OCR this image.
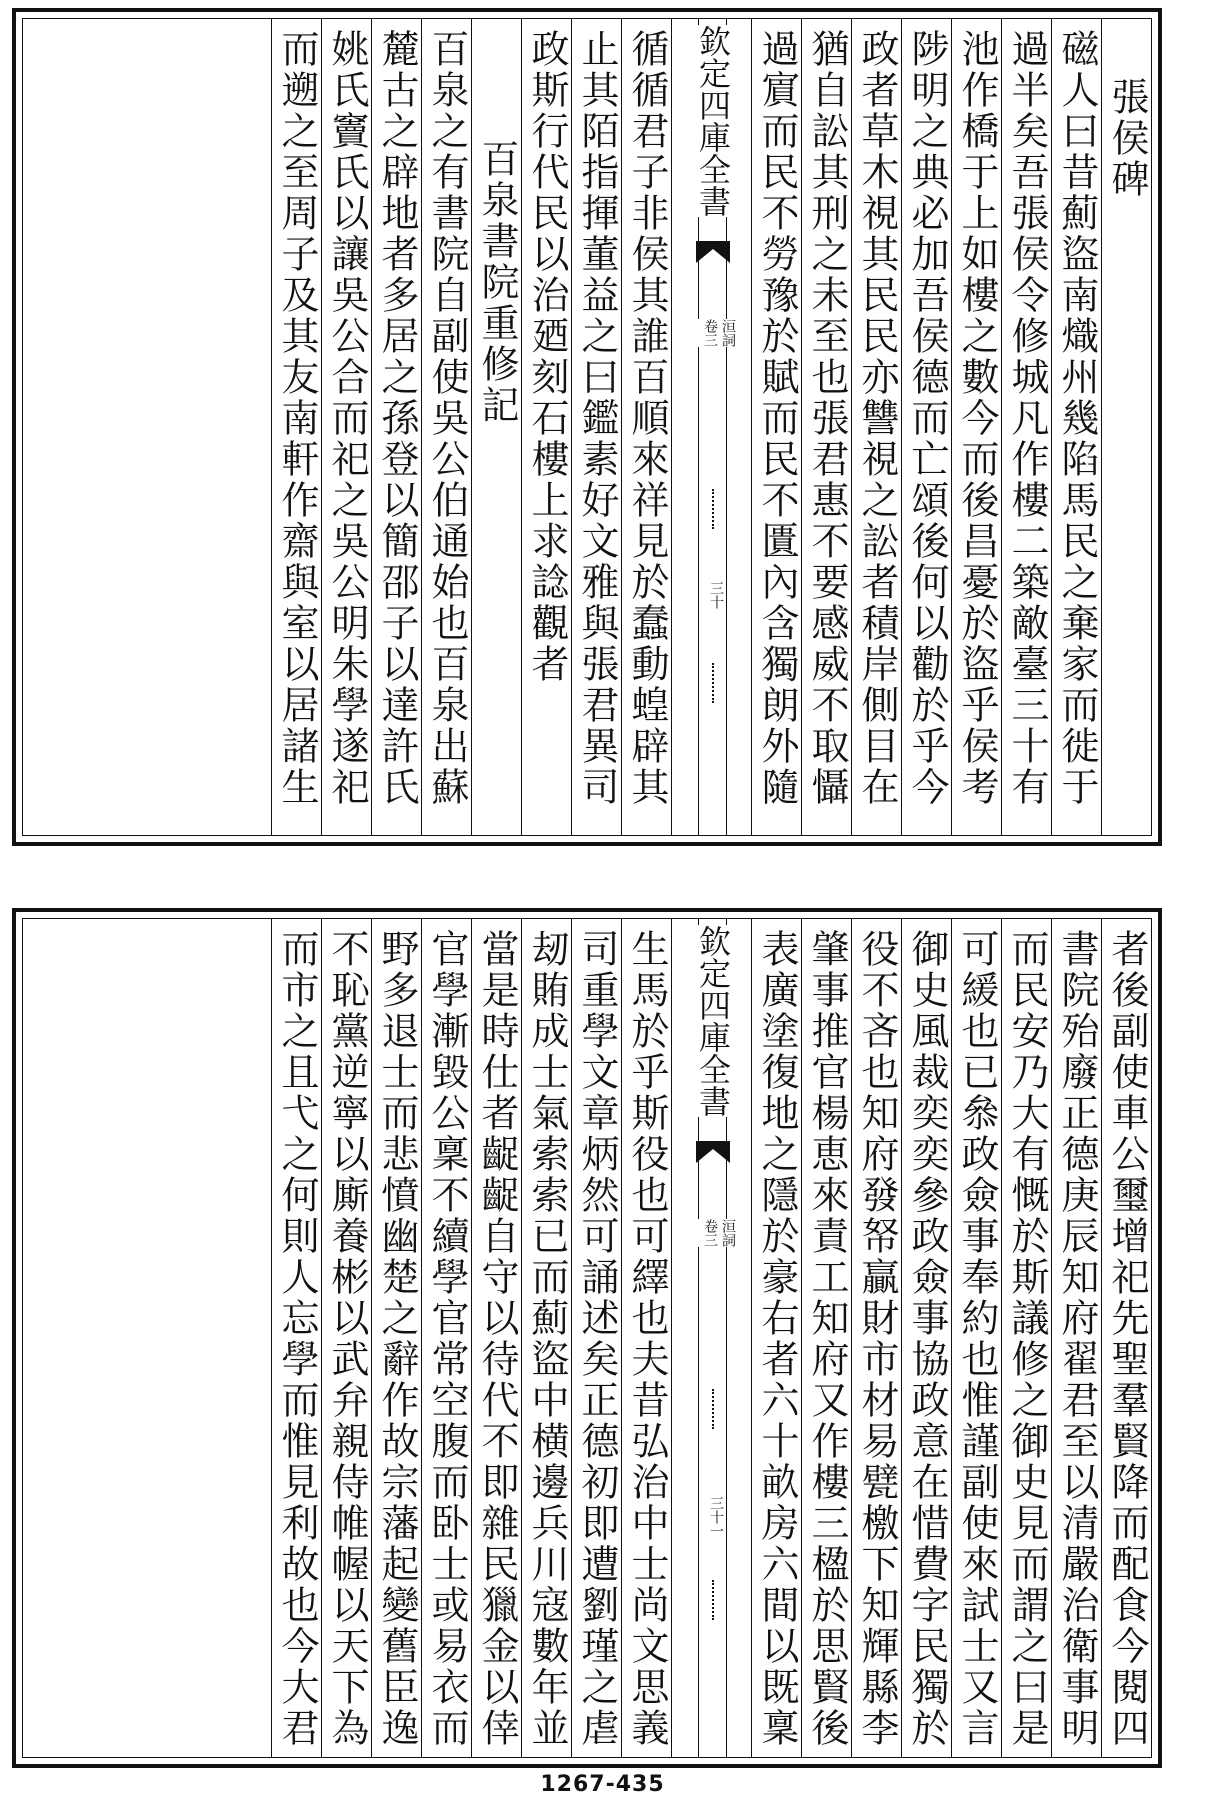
張侯碑
磁人曰昔薊盜南熾州幾陷馬民之棄家而徙于
過半矣吾張侯令修城凡作樓二築敵臺三十有
池作橋于上如樓之數今而後昌憂於盜乎侯考
陟明之典必加吾侯德而亡頌後何以勸於乎今
政者草木視其民民亦讐視之訟者積岸側目在
猶自訟其刑之未至也張君惠不要感威不取懾
過賔而民不勞豫於賦而民不匱內含獨朗外隨
欽定四庫全書
洹詞
卷三
三十
循循君子非侯其誰百順來祥見於蠢動蝗辟其
止其陌指揮董益之曰鑑素好文雅與張君異司
政斯行代民以治廼刻石樓上求諗觀者
百泉書院重修記
百泉之有書院自副使吳公伯通始也百泉出蘇
麓古之辟地者多居之孫登以簡邵子以達許氏
姚氏竇氏以讓吳公合而祀之吳公明朱學遂祀
而遡之至周子及其友南軒作齋與室以居諸生
者後副使車公璽增祀先聖羣賢降而配食今閱四
書院殆廢正德庚辰知府翟君至以清嚴治衛事明
而民安乃大有慨於斯議修之御史見而謂之曰是
可緩也已叅政僉事奉約也惟謹副使來試士又言
御史風裁奕奕參政僉事協政意在惜費字民獨於
役不吝也知府發帑贏財市材易甓檄下知輝縣李
肇事推官楊恵來責工知府又作樓三楹於思賢後
表廣塗復地之隱於豪右者六十畝房六間以既稟
欽定四庫全書
洹詞
卷三
三十一
生馬於乎斯役也可繹也夫昔弘治中士尚文思義
司重學文章炳然可誦述矣正德初即遭劉瑾之虐
刼賄成士氣索索已而薊盜中横邊兵川寇數年並
當是時仕者齪齪自守以待代不即雜民獵金以倖
官學漸毀公稟不續學官常空腹而卧士或易衣而
野多退士而悲憤幽楚之辭作故宗藩起變舊臣逸
不恥黨逆寧以廝養彬以武弁親侍帷幄以天下為
而市之且弋之何則人忘學而惟見利故也今大君
1267-435
